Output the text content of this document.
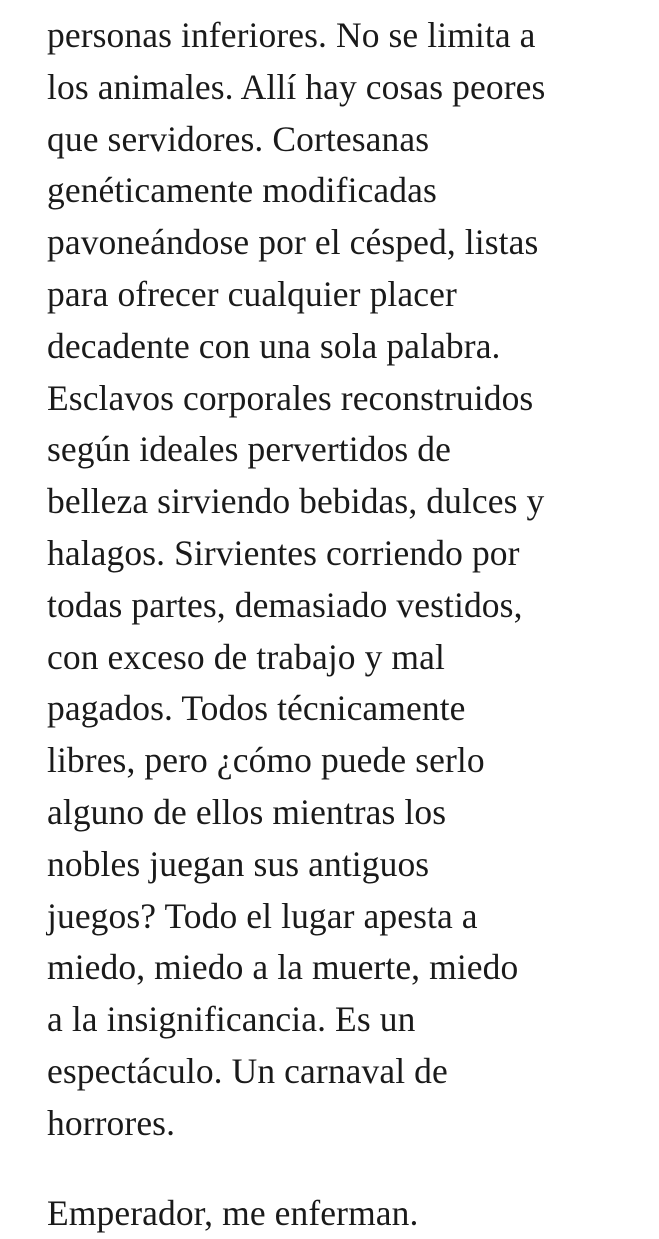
personas inferiores. No se limita a
los animales. Allí hay cosas peores
que servidores. Cortesanas
genéticamente modificadas
pavoneándose por el césped, listas
para ofrecer cualquier placer
decadente con una sola palabra.
Esclavos corporales reconstruidos
según ideales pervertidos de
belleza sirviendo bebidas, dulces y
halagos. Sirvientes corriendo por
todas partes, demasiado vestidos,
con exceso de trabajo y mal
pagados. Todos técnicamente
libres, pero ¿cómo puede serlo
alguno de ellos mientras los
nobles juegan sus antiguos
juegos? Todo el lugar apesta a
miedo, miedo a la muerte, miedo
a la insignificancia. Es un
espectáculo. Un carnaval de
horrores.
Emperador, me enferman.
